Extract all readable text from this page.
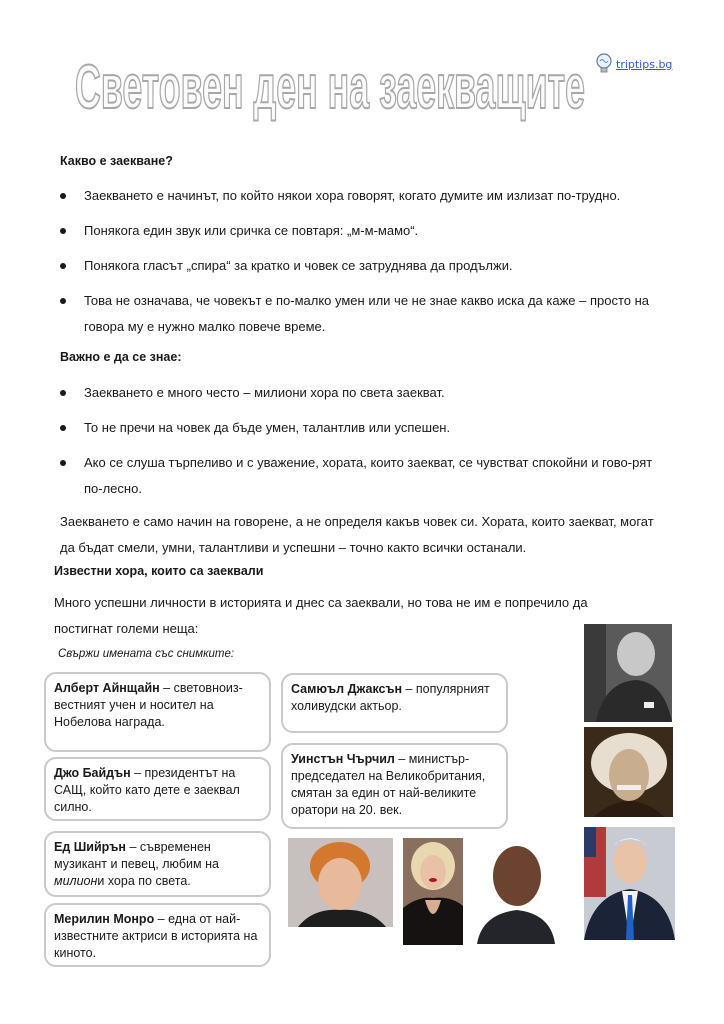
Световен ден на заекващите	triptips.bg
Какво е заекване?
Заекването е начинът, по който някои хора говорят, когато думите им излизат по-трудно.
Понякога един звук или сричка се повтаря: „м-м-мамо“.
Понякога гласът „спира“ за кратко и човек се затруднява да продължи.
Това не означава, че човекът е по-малко умен или че не знае какво иска да каже – просто на говора му е нужно малко повече време.
Важно е да се знае:
Заекването е много често – милиони хора по света заекват.
То не пречи на човек да бъде умен, талантлив или успешен.
Ако се слуша търпеливо и с уважение, хората, които заекват, се чувстват спокойни и гово-рят по-лесно.
Заекването е само начин на говорене, а не определя какъв човек си. Хората, които заекват, могат да бъдат смели, умни, талантливи и успешни – точно както всички останали.
Известни хора, които са заеквали
Много успешни личности в историята и днес са заеквали, но това не им е попречило да постигнат големи неща:
Свържи имената със снимките:
Алберт Айнщайн – световноиз-вестният учен и носител на Нобелова награда.
Джо Байдън – президентът на САЩ, който като дете е заеквал силно.
Ед Шийрън – съвременен музикант и певец, любим на милиони хора по света.
Мерилин Монро – една от най-известните актриси в историята на киното.
Самюъл Джаксън – популярният холивудски актьор.
Уинстън Чърчил – министър-председател на Великобритания, смятан за един от най-великите оратори на 20. век.
